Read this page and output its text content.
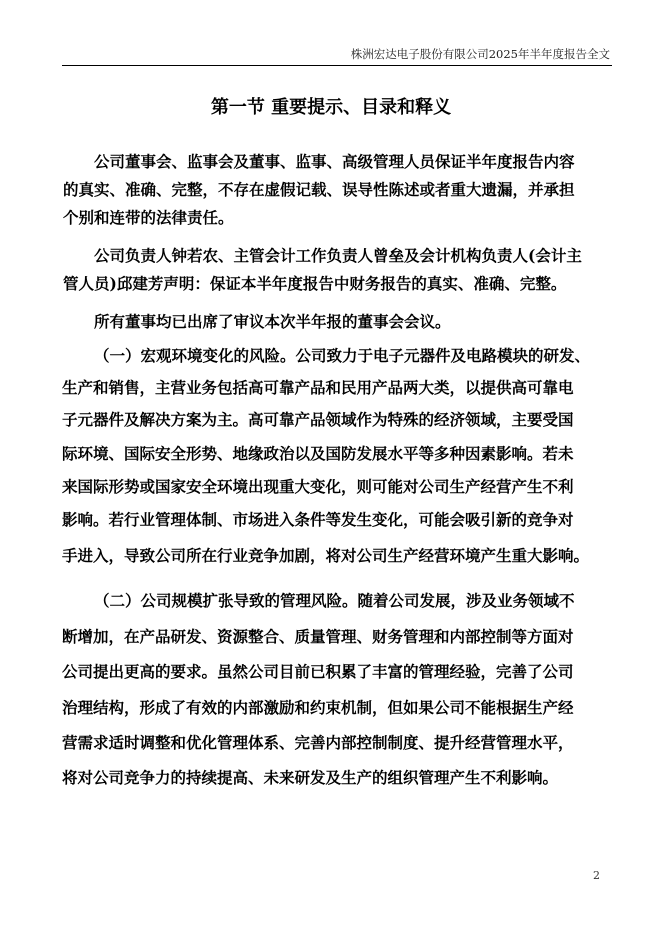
株洲宏达电子股份有限公司2025年半年度报告全文
第一节 重要提示、目录和释义
公司董事会、监事会及董事、监事、高级管理人员保证半年度报告内容
的真实、准确、完整，不存在虚假记载、误导性陈述或者重大遗漏，并承担
个别和连带的法律责任。
公司负责人钟若农、主管会计工作负责人曾垒及会计机构负责人(会计主
管人员)邱建芳声明：保证本半年度报告中财务报告的真实、准确、完整。
所有董事均已出席了审议本次半年报的董事会会议。
（一）宏观环境变化的风险。公司致力于电子元器件及电路模块的研发、
生产和销售，主营业务包括高可靠产品和民用产品两大类，以提供高可靠电
子元器件及解决方案为主。高可靠产品领域作为特殊的经济领域，主要受国
际环境、国际安全形势、地缘政治以及国防发展水平等多种因素影响。若未
来国际形势或国家安全环境出现重大变化，则可能对公司生产经营产生不利
影响。若行业管理体制、市场进入条件等发生变化，可能会吸引新的竞争对
手进入，导致公司所在行业竞争加剧，将对公司生产经营环境产生重大影响。
（二）公司规模扩张导致的管理风险。随着公司发展，涉及业务领域不
断增加，在产品研发、资源整合、质量管理、财务管理和内部控制等方面对
公司提出更高的要求。虽然公司目前已积累了丰富的管理经验，完善了公司
治理结构，形成了有效的内部激励和约束机制，但如果公司不能根据生产经
营需求适时调整和优化管理体系、完善内部控制制度、提升经营管理水平，
将对公司竞争力的持续提高、未来研发及生产的组织管理产生不利影响。
2
